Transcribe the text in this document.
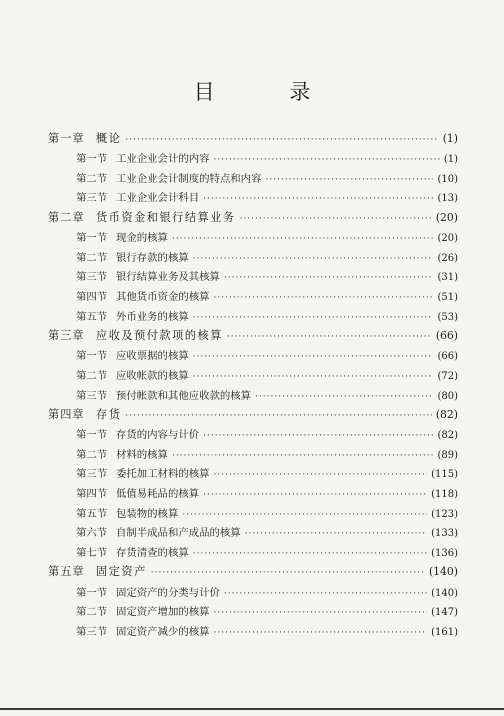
目 录
第一章	概论 ·····	(1)
第一节 工业企业会计的内容 ·····	(1)
第二节 工业企业会计制度的特点和内容 ·····	(10)
第三节 工业企业会计科目 ·····	(13)
第二章	货币资金和银行结算业务 ·····	(20)
第一节 现金的核算 ·····	(20)
第二节 银行存款的核算 ·····	(26)
第三节 银行结算业务及其核算 ·····	(31)
第四节 其他货币资金的核算 ·····	(51)
第五节 外币业务的核算 ·····	(53)
第三章	应收及预付款项的核算 ·····	(66)
第一节 应收票据的核算 ·····	(66)
第二节 应收帐款的核算 ·····	(72)
第三节 预付帐款和其他应收款的核算 ·····	(80)
第四章	存货 ·····	(82)
第一节 存货的内容与计价 ·····	(82)
第二节 材料的核算 ·····	(89)
第三节 委托加工材料的核算 ·····	(115)
第四节 低值易耗品的核算 ·····	(118)
第五节 包装物的核算 ·····	(123)
第六节 自制半成品和产成品的核算 ·····	(133)
第七节 存货清查的核算 ·····	(136)
第五章	固定资产 ·····	(140)
第一节 固定资产的分类与计价 ·····	(140)
第二节 固定资产增加的核算 ·····	(147)
第三节 固定资产减少的核算 ·····	(161)
